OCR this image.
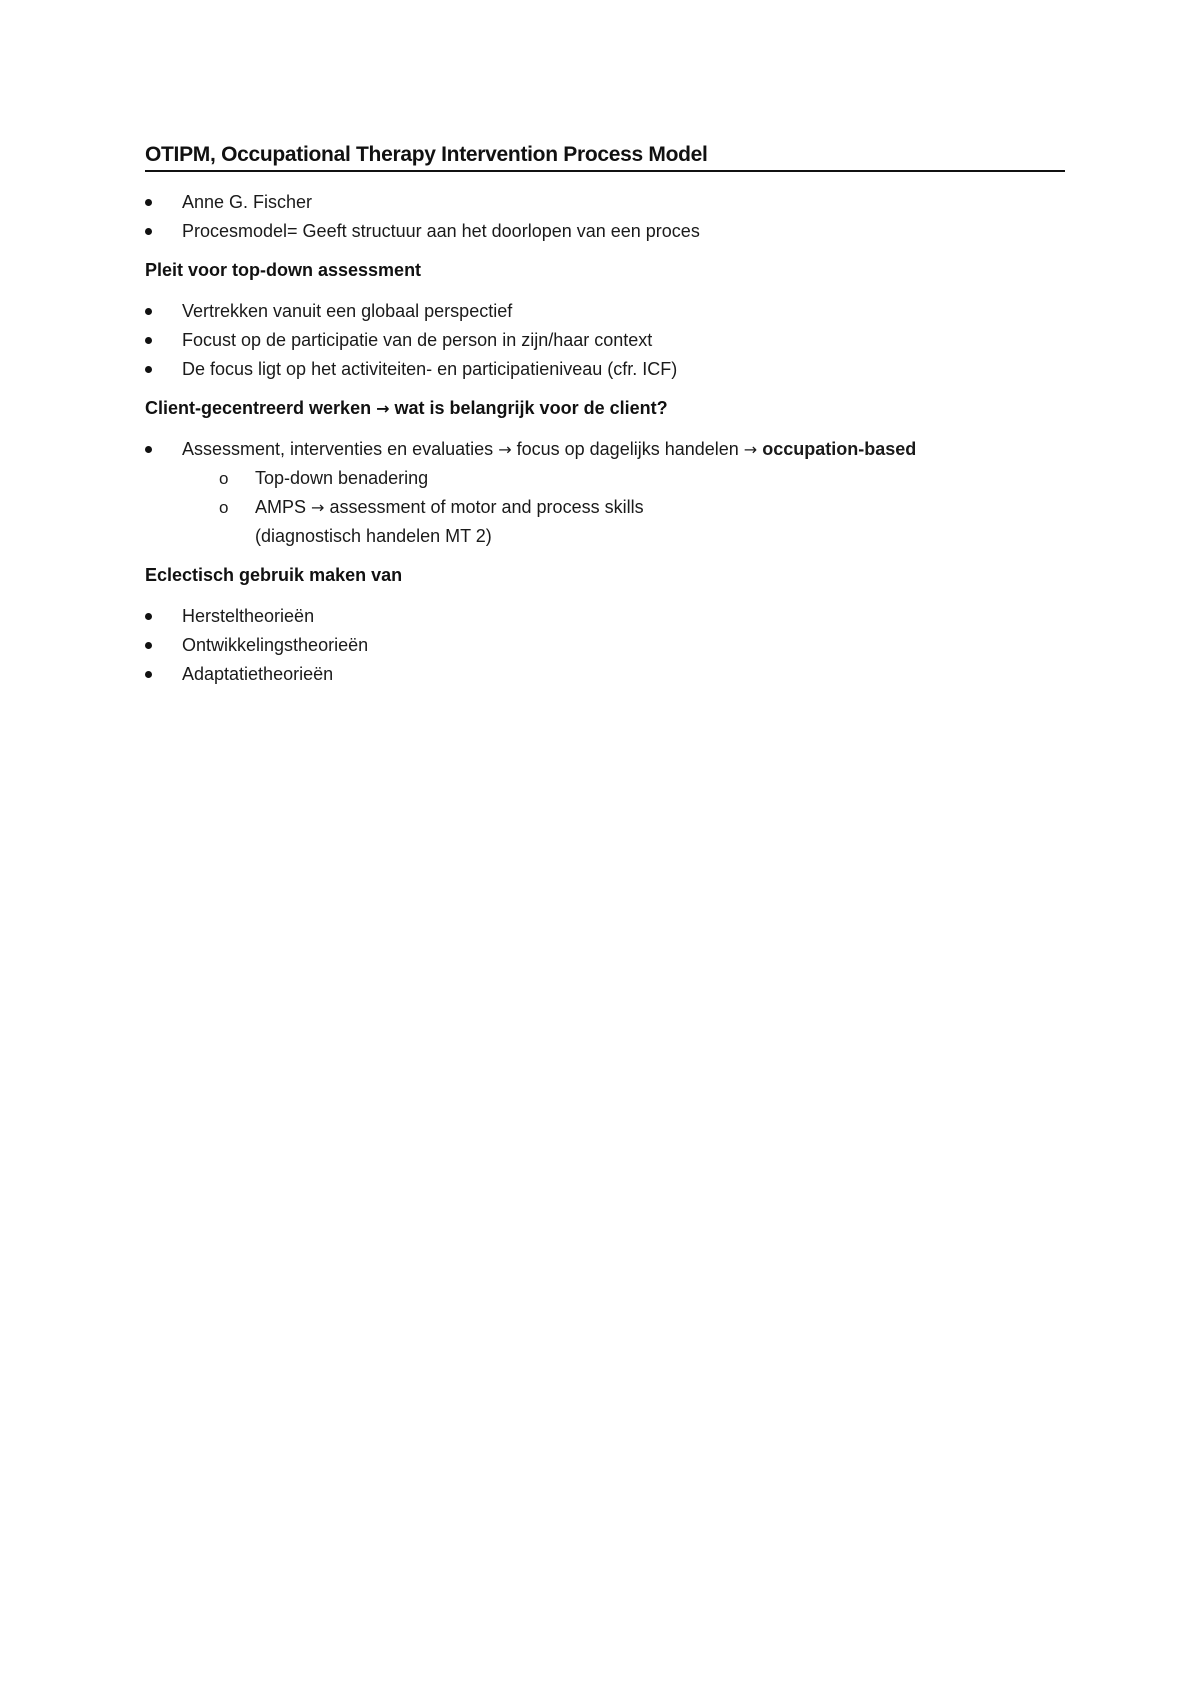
OTIPM, Occupational Therapy Intervention Process Model
Anne G. Fischer
Procesmodel= Geeft structuur aan het doorlopen van een proces
Pleit voor top-down assessment
Vertrekken vanuit een globaal perspectief
Focust op de participatie van de person in zijn/haar context
De focus ligt op het activiteiten- en participatieniveau (cfr. ICF)
Client-gecentreerd werken → wat is belangrijk voor de client?
Assessment, interventies en evaluaties → focus op dagelijks handelen → occupation-based
o Top-down benadering
o AMPS → assessment of motor and process skills
(diagnostisch handelen MT 2)
Eclectisch gebruik maken van
Hersteltheorieën
Ontwikkelingstheorieën
Adaptatietheorieën
